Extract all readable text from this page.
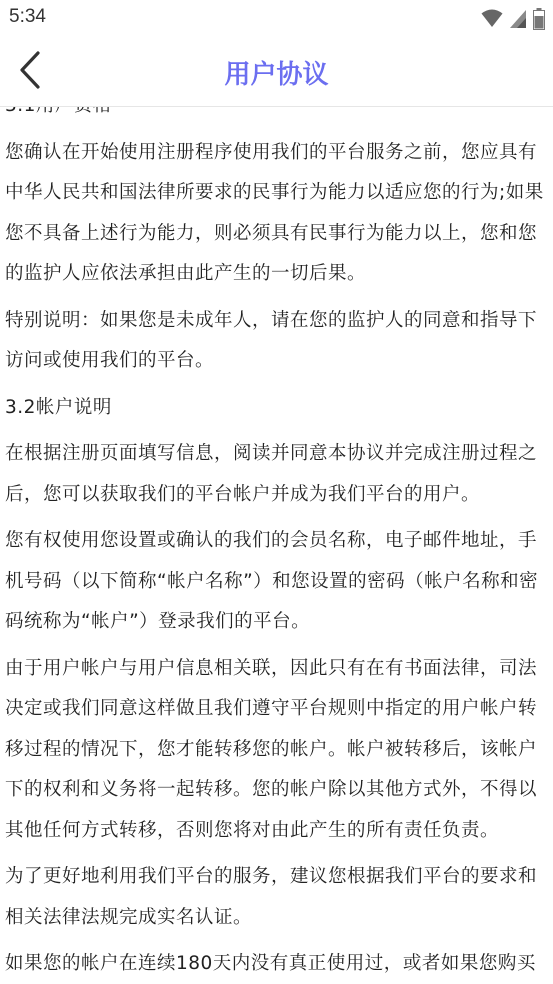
5:34
用户协议

您确认在开始使用注册程序使用我们的平台服务之前，您应具有中华人民共和国法律所要求的民事行为能力以适应您的行为;如果您不具备上述行为能力，则必须具有民事行为能力以上，您和您的监护人应依法承担由此产生的一切后果。

特别说明：如果您是未成年人，请在您的监护人的同意和指导下访问或使用我们的平台。

3.2帐户说明

在根据注册页面填写信息，阅读并同意本协议并完成注册过程之后，您可以获取我们的平台帐户并成为我们平台的用户。

您有权使用您设置或确认的我们的会员名称，电子邮件地址，手机号码（以下简称“帐户名称”）和您设置的密码（帐户名称和密码统称为“帐户”）登录我们的平台。

由于用户帐户与用户信息相关联，因此只有在有书面法律，司法决定或我们同意这样做且我们遵守平台规则中指定的用户帐户转移过程的情况下，您才能转移您的帐户。帐户被转移后，该帐户下的权利和义务将一起转移。您的帐户除以其他方式外，不得以其他任何方式转移，否则您将对由此产生的所有责任负责。

为了更好地利用我们平台的服务，建议您根据我们平台的要求和相关法律法规完成实名认证。

如果您的帐户在连续180天内没有真正使用过，或者如果您购买
